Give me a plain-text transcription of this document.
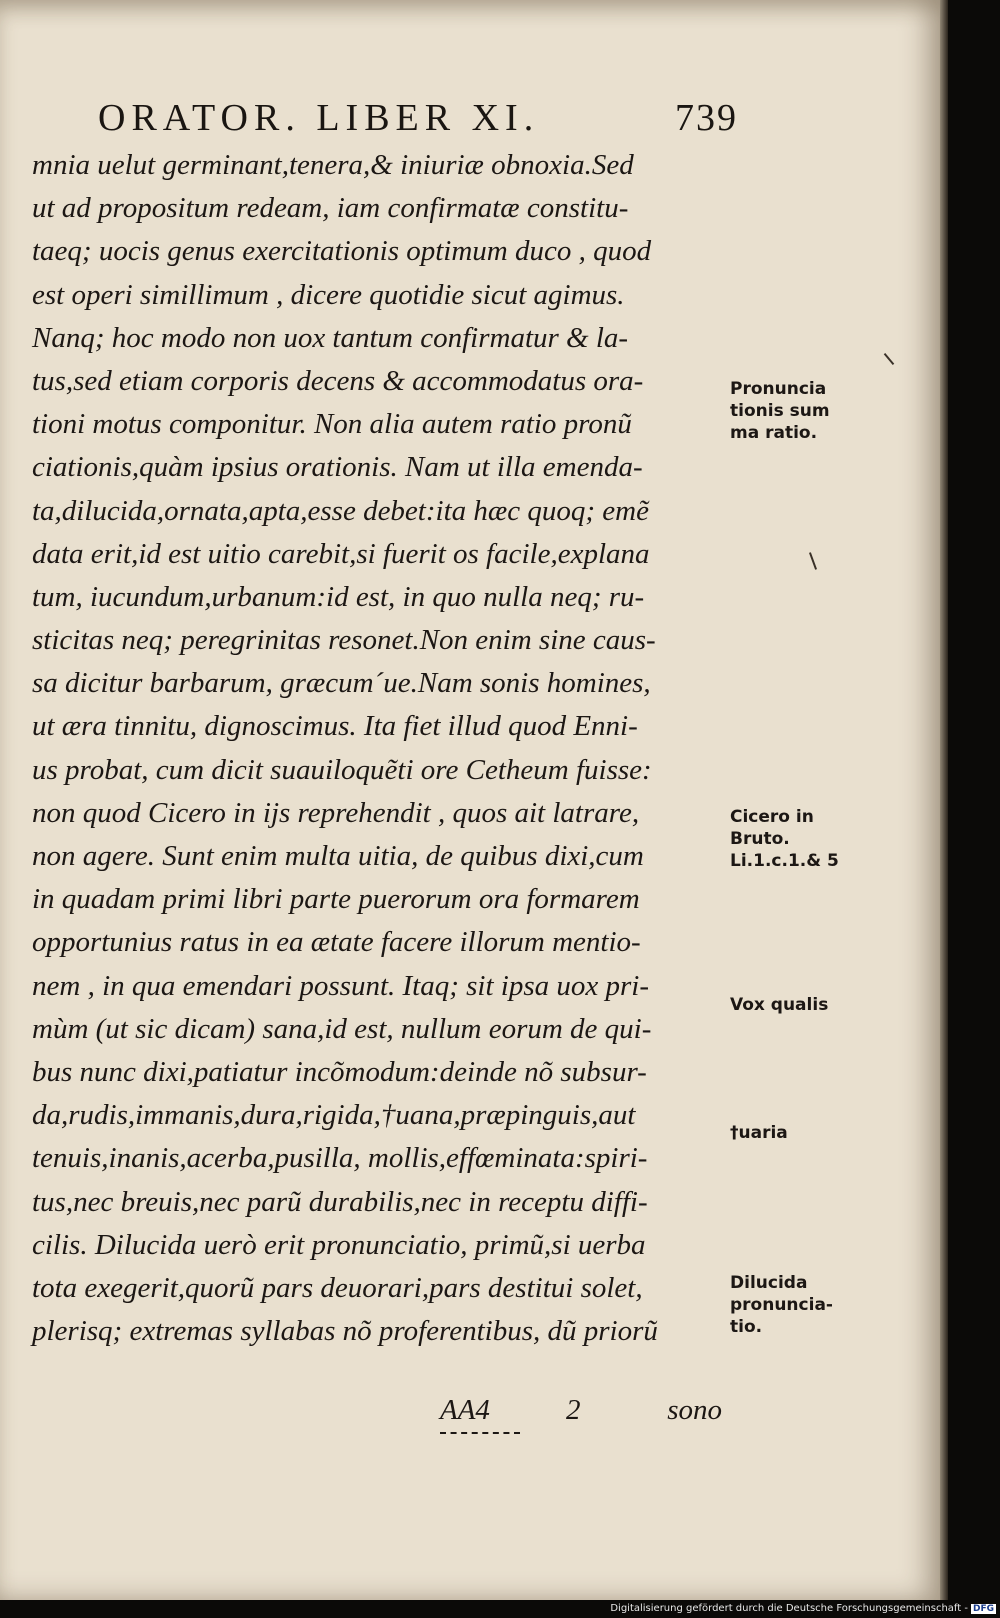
ORATOR. LIBER XI.	739
mnia uelut germinant,tenera,& iniuriæ obnoxia.Sed
ut ad propositum redeam, iam confirmatæ constitu-
taeq; uocis genus exercitationis optimum duco , quod
est operi simillimum , dicere quotidie sicut agimus.
Nanq; hoc modo non uox tantum confirmatur & la-
tus,sed etiam corporis decens & accommodatus ora-
tioni motus componitur. Non alia autem ratio pronũ
ciationis,quàm ipsius orationis. Nam ut illa emenda-
ta,dilucida,ornata,apta,esse debet:ita hæc quoq; emẽ
data erit,id est uitio carebit,si fuerit os facile,explana
tum, iucundum,urbanum:id est, in quo nulla neq; ru-
sticitas neq; peregrinitas resonet.Non enim sine caus-
sa dicitur barbarum, græcum´ue.Nam sonis homines,
ut æra tinnitu, dignoscimus. Ita fiet illud quod Enni-
us probat, cum dicit suauiloquẽti ore Cetheum fuisse:
non quod Cicero in ijs reprehendit , quos ait latrare,
non agere. Sunt enim multa uitia, de quibus dixi,cum
in quadam primi libri parte puerorum ora formarem
opportunius ratus in ea ætate facere illorum mentio-
nem , in qua emendari possunt. Itaq; sit ipsa uox pri-
mùm (ut sic dicam) sana,id est, nullum eorum de qui-
bus nunc dixi,patiatur incõmodum:deinde nõ subsur-
da,rudis,immanis,dura,rigida,†uana,præpinguis,aut
tenuis,inanis,acerba,pusilla, mollis,effœminata:spiri-
tus,nec breuis,nec parũ durabilis,nec in receptu diffi-
cilis. Dilucida uerò erit pronunciatio, primũ,si uerba
tota exegerit,quorũ pars deuorari,pars destitui solet,
plerisq; extremas syllabas nõ proferentibus, dũ priorũ
Pronuncia
tionis sum
ma ratio.
Cicero in
Bruto.
Li.1.c.1.& 5
Vox qualis
†uaria
Dilucida
pronuncia-
tio.
AA4	2	sono
Digitalisierung gefördert durch die Deutsche Forschungsgemeinschaft - DFG
